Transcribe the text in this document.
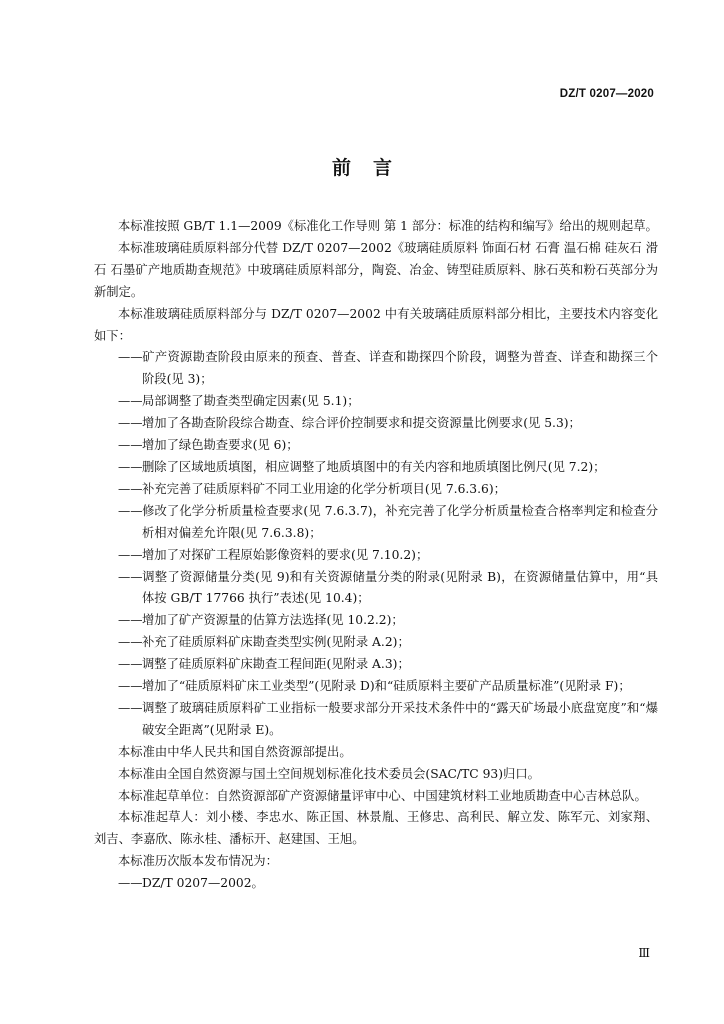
DZ/T 0207—2020
前言

本标准按照 GB/T 1.1—2009《标准化工作导则 第 1 部分：标准的结构和编写》给出的规则起草。

本标准玻璃硅质原料部分代替 DZ/T 0207—2002《玻璃硅质原料 饰面石材 石膏 温石棉 硅灰石 滑石 石墨矿产地质勘查规范》中玻璃硅质原料部分，陶瓷、冶金、铸型硅质原料、脉石英和粉石英部分为新制定。

本标准玻璃硅质原料部分与 DZ/T 0207—2002 中有关玻璃硅质原料部分相比，主要技术内容变化如下：

——矿产资源勘查阶段由原来的预查、普查、详查和勘探四个阶段，调整为普查、详查和勘探三个阶段(见 3)；

——局部调整了勘查类型确定因素(见 5.1)；

——增加了各勘查阶段综合勘查、综合评价控制要求和提交资源量比例要求(见 5.3)；

——增加了绿色勘查要求(见 6)；

——删除了区域地质填图，相应调整了地质填图中的有关内容和地质填图比例尺(见 7.2)；

——补充完善了硅质原料矿不同工业用途的化学分析项目(见 7.6.3.6)；

——修改了化学分析质量检查要求(见 7.6.3.7)，补充完善了化学分析质量检查合格率判定和检查分析相对偏差允许限(见 7.6.3.8)；

——增加了对探矿工程原始影像资料的要求(见 7.10.2)；

——调整了资源储量分类(见 9)和有关资源储量分类的附录(见附录 B)，在资源储量估算中，用“具体按 GB/T 17766 执行”表述(见 10.4)；

——增加了矿产资源量的估算方法选择(见 10.2.2)；

——补充了硅质原料矿床勘查类型实例(见附录 A.2)；

——调整了硅质原料矿床勘查工程间距(见附录 A.3)；

——增加了“硅质原料矿床工业类型”(见附录 D)和“硅质原料主要矿产品质量标准”(见附录 F)；

——调整了玻璃硅质原料矿工业指标一般要求部分开采技术条件中的“露天矿场最小底盘宽度”和“爆破安全距离”(见附录 E)。

本标准由中华人民共和国自然资源部提出。

本标准由全国自然资源与国土空间规划标准化技术委员会(SAC/TC 93)归口。

本标准起草单位：自然资源部矿产资源储量评审中心、中国建筑材料工业地质勘查中心吉林总队。

本标准起草人：刘小楼、李忠水、陈正国、林景胤、王修忠、高利民、解立发、陈军元、刘家翔、刘吉、李嘉欣、陈永桂、潘标开、赵建国、王旭。

本标准历次版本发布情况为：

——DZ/T 0207—2002。

Ⅲ
